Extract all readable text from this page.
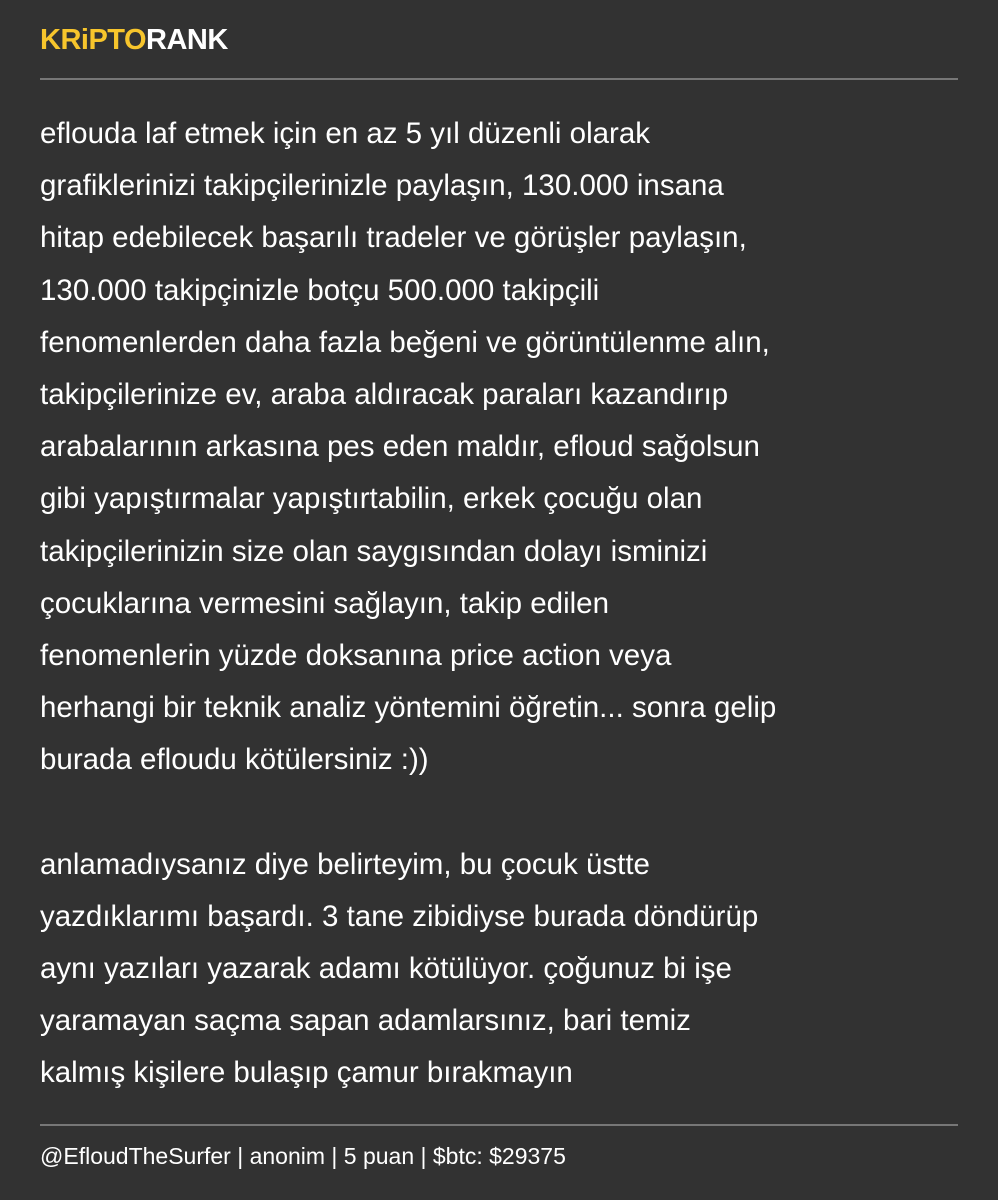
KRiPTORANK
eflouda laf etmek için en az 5 yıl düzenli olarak
grafiklerinizi takipçilerinizle paylaşın, 130.000 insana
hitap edebilecek başarılı tradeler ve görüşler paylaşın,
130.000 takipçinizle botçu 500.000 takipçili
fenomenlerden daha fazla beğeni ve görüntülenme alın,
takipçilerinize ev, araba aldıracak paraları kazandırıp
arabalarının arkasına pes eden maldır, efloud sağolsun
gibi yapıştırmalar yapıştırtabilin, erkek çocuğu olan
takipçilerinizin size olan saygısından dolayı isminizi
çocuklarına vermesini sağlayın, takip edilen
fenomenlerin yüzde doksanına price action veya
herhangi bir teknik analiz yöntemini öğretin... sonra gelip
burada efloudu kötülersiniz :))
anlamadıysanız diye belirteyim, bu çocuk üstte
yazdıklarımı başardı. 3 tane zibidiyse burada döndürüp
aynı yazıları yazarak adamı kötülüyor. çoğunuz bi işe
yaramayan saçma sapan adamlarsınız, bari temiz
kalmış kişilere bulaşıp çamur bırakmayın
@EfloudTheSurfer | anonim | 5 puan | $btc: $29375
